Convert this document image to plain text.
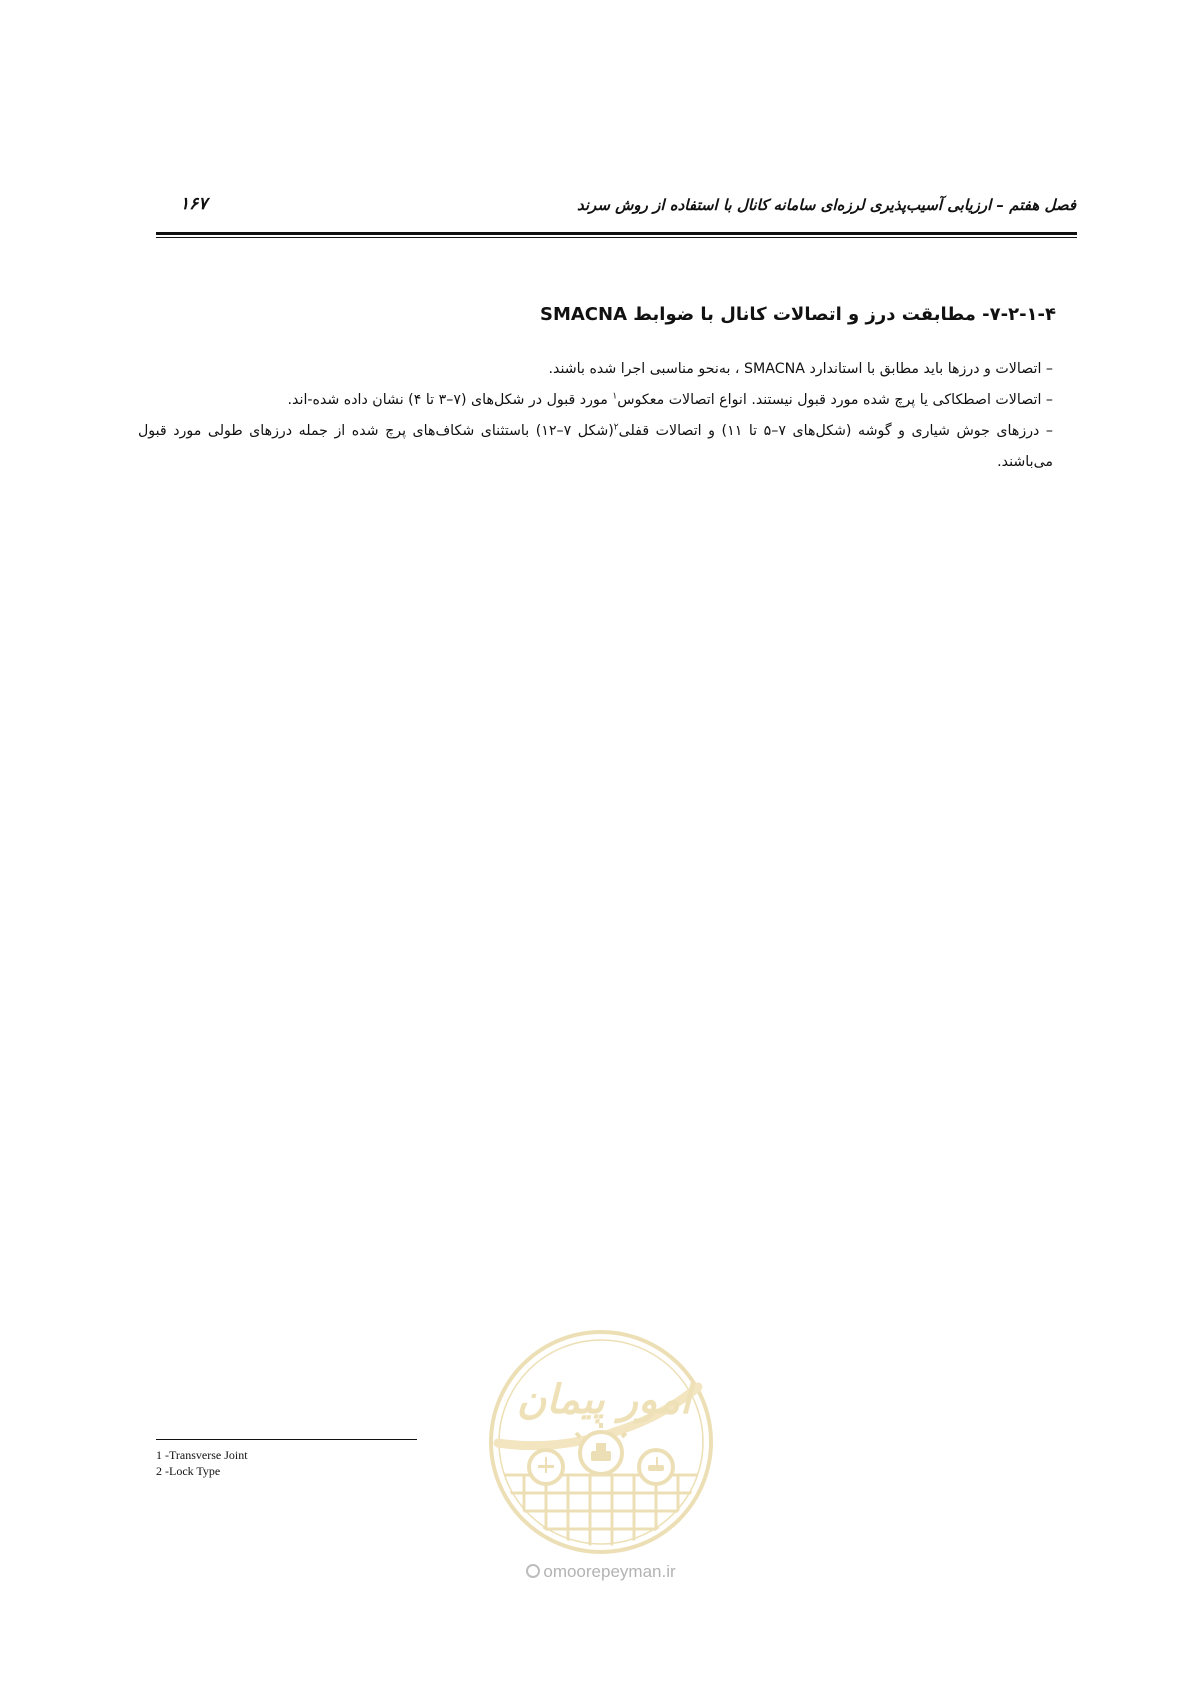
فصل هفتم – ارزیابی آسیب‌پذیری لرزه‌ای سامانه کانال با استفاده از روش سرند
۱۶۷
۷-۲-۱-۴- مطابقت درز و اتصالات کانال با ضوابط SMACNA

– اتصالات و درزها باید مطابق با استاندارد SMACNA ، به‌نحو مناسبی اجرا شده باشند.

– اتصالات اصطکاکی یا پرچ شده مورد قبول نیستند. انواع اتصالات معکوس$^۱$ مورد قبول در شکل‌های (۷–۳ تا ۴) نشان داده شده-اند.

– درزهای جوش شیاری و گوشه (شکل‌های ۷–۵ تا ۱۱) و اتصالات قفلی$^۲$(شکل ۷–۱۲) باستثنای شکاف‌های پرچ شده از جمله درزهای طولی مورد قبول می‌باشند.

1 -Transverse Joint
2 -Lock Type
امور پیمان
omoorepeyman.ir
